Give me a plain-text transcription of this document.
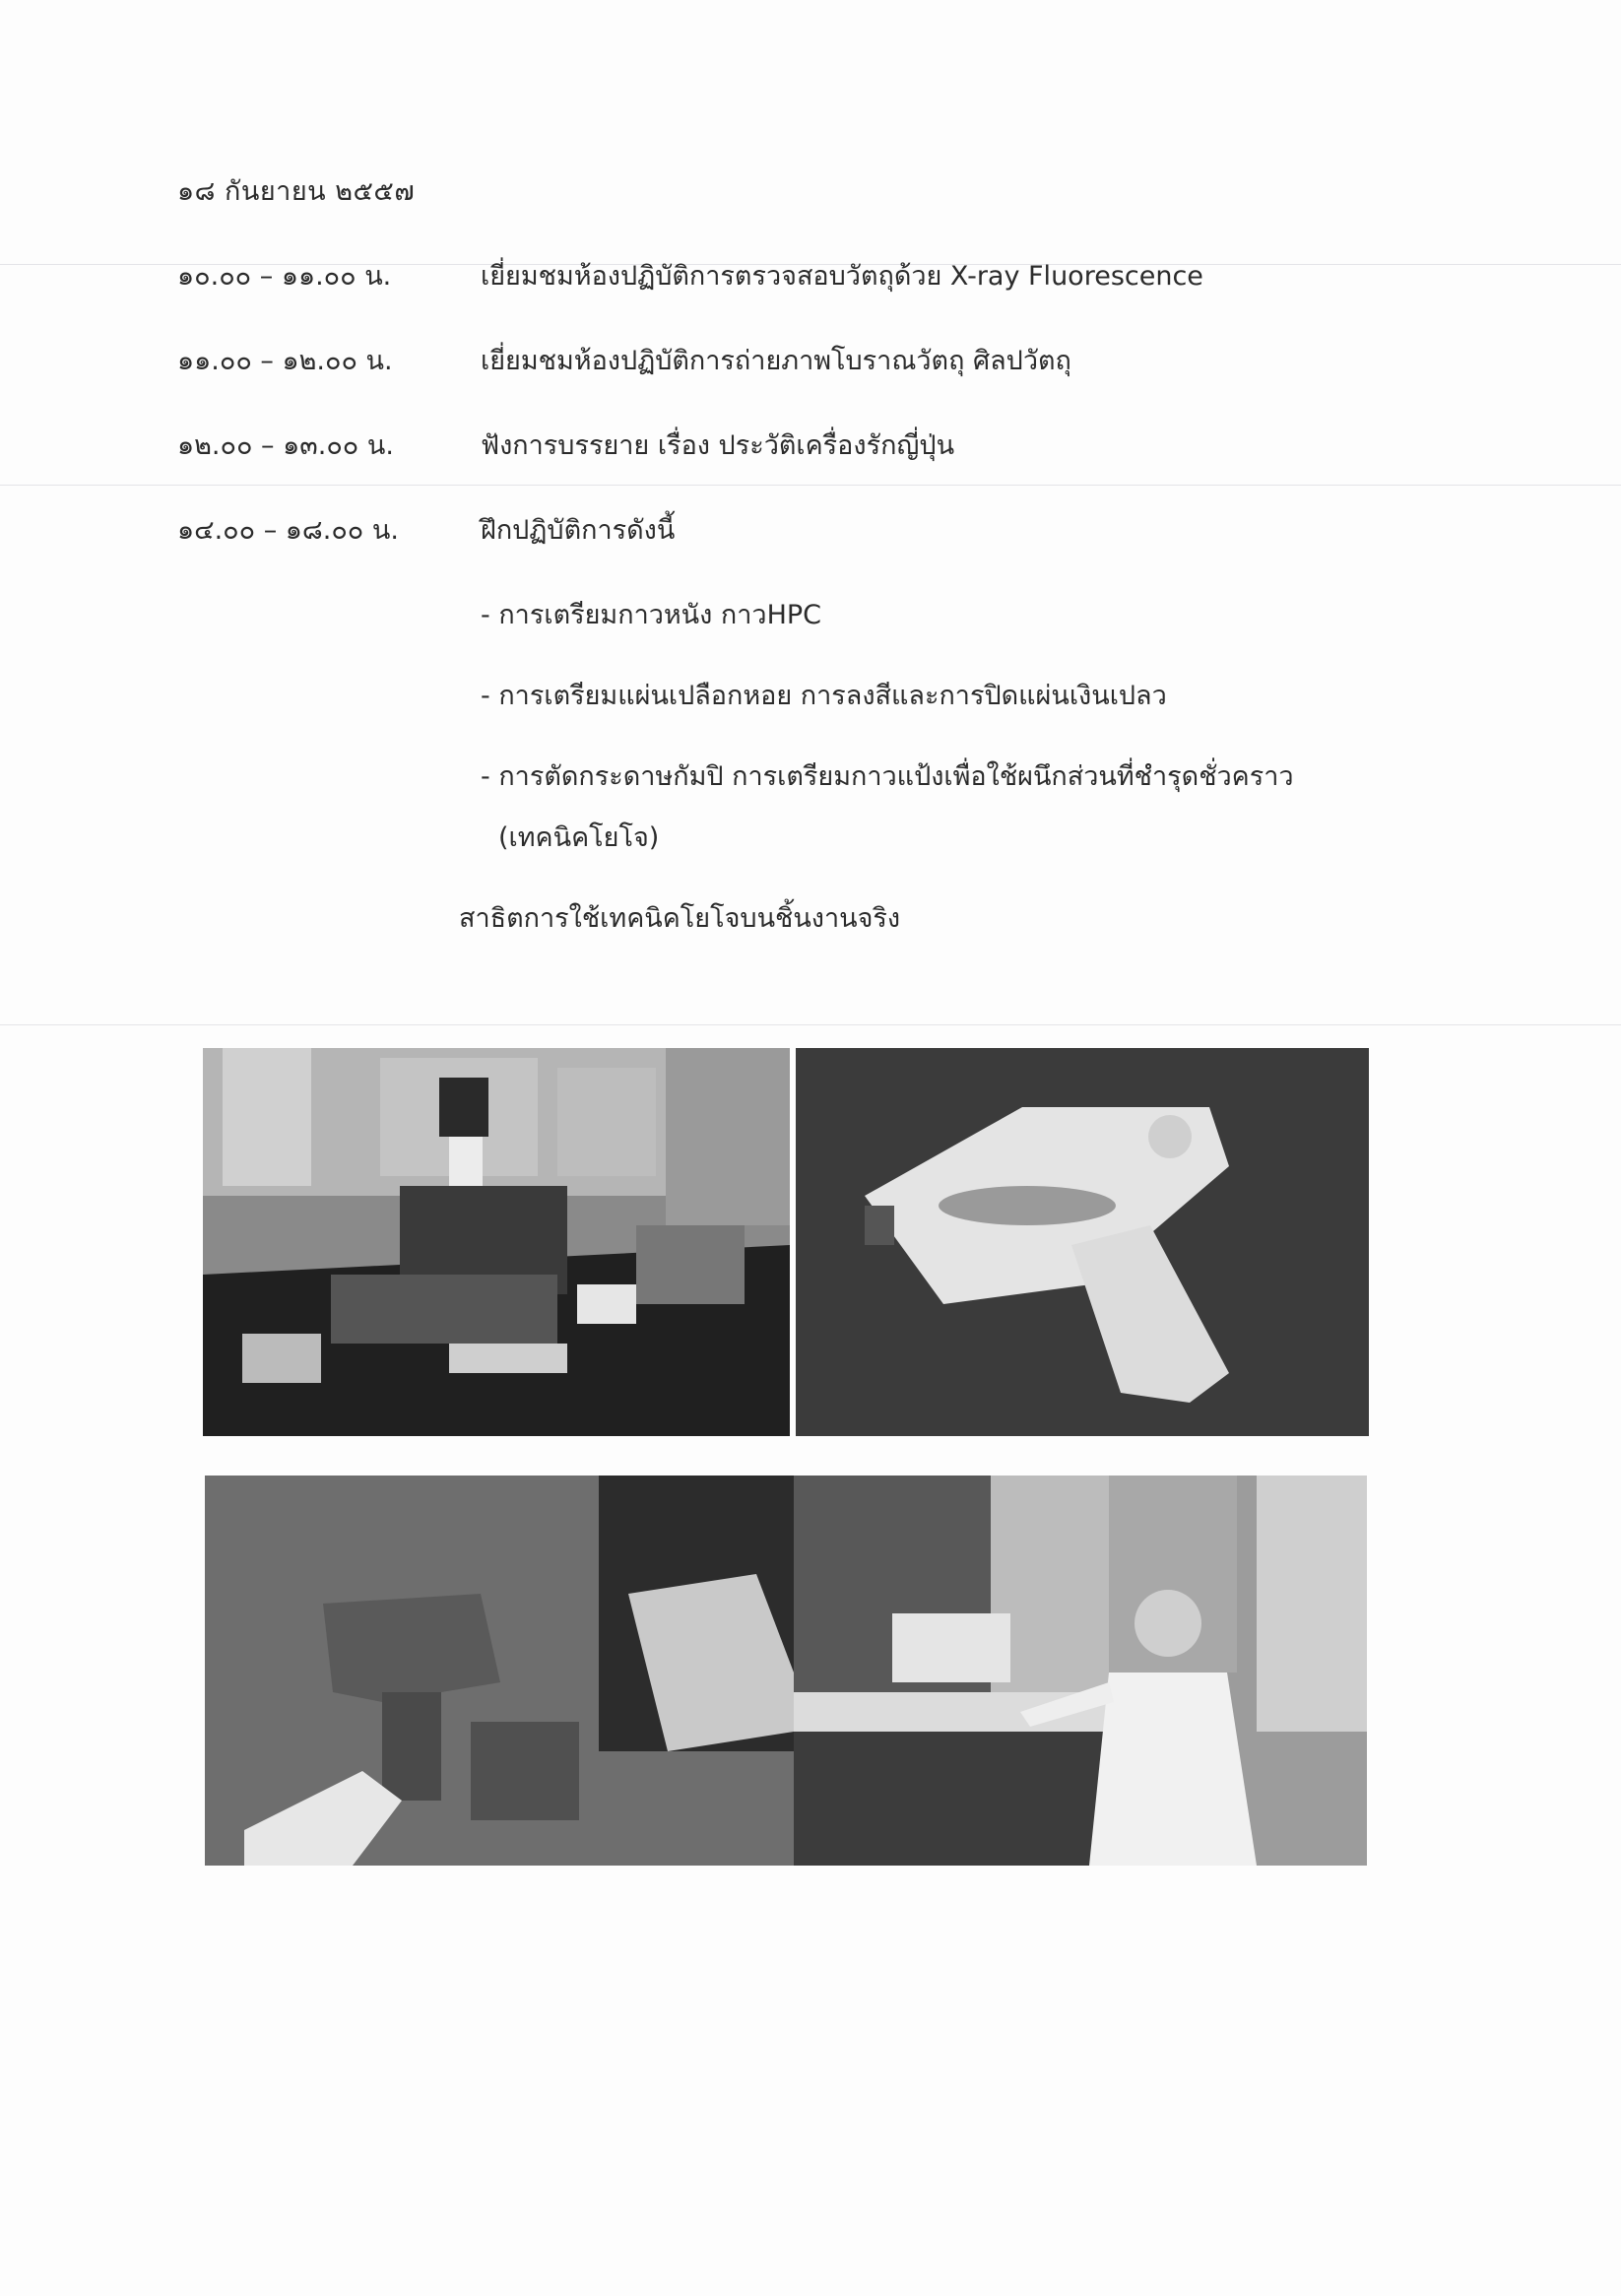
๑๘ กันยายน ๒๕๕๗
๑๐.๐๐ – ๑๑.๐๐ น.	เยี่ยมชมห้องปฏิบัติการตรวจสอบวัตถุด้วย X-ray Fluorescence
๑๑.๐๐ – ๑๒.๐๐ น.	เยี่ยมชมห้องปฏิบัติการถ่ายภาพโบราณวัตถุ ศิลปวัตถุ
๑๒.๐๐ – ๑๓.๐๐ น.	ฟังการบรรยาย เรื่อง ประวัติเครื่องรักญี่ปุ่น
๑๔.๐๐ – ๑๘.๐๐ น.	ฝึกปฏิบัติการดังนี้
- การเตรียมกาวหนัง กาวHPC
- การเตรียมแผ่นเปลือกหอย การลงสีและการปิดแผ่นเงินเปลว
- การตัดกระดาษกัมปิ การเตรียมกาวแป้งเพื่อใช้ผนึกส่วนที่ชำรุดชั่วคราว
(เทคนิคโยโจ)
สาธิตการใช้เทคนิคโยโจบนชิ้นงานจริง
